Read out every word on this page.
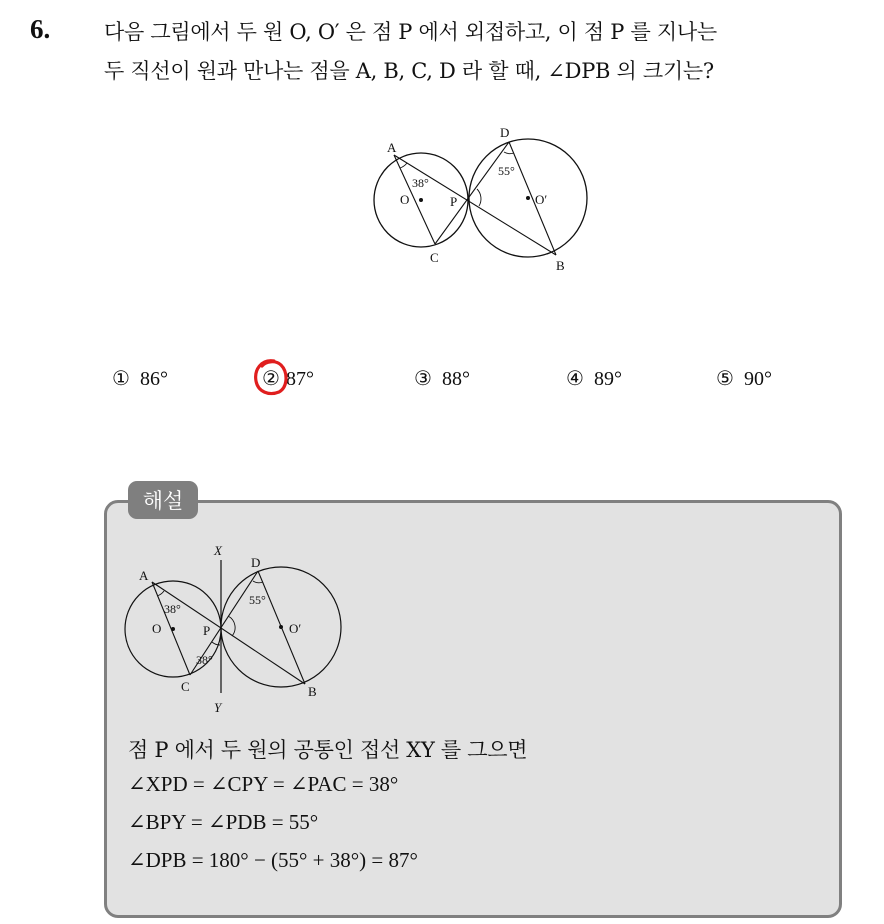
6.	다음 그림에서 두 원 O, O′ 은 점 P 에서 외접하고, 이 점 P 를 지나는
두 직선이 원과 만나는 점을 A, B, C, D 라 할 때, ∠DPB 의 크기는?
A
D
C
B
P
O	O′
38°
55°
① 86°	② 87°	③ 88°	④ 89°	⑤ 90°
해설
X
Y
A
D
C	B
P
O	O′
38°
55°
38°
점 P 에서 두 원의 공통인 접선 XY 를 그으면
∠XPD = ∠CPY = ∠PAC = 38°
∠BPY = ∠PDB = 55°
∠DPB = 180° − (55° + 38°) = 87°
